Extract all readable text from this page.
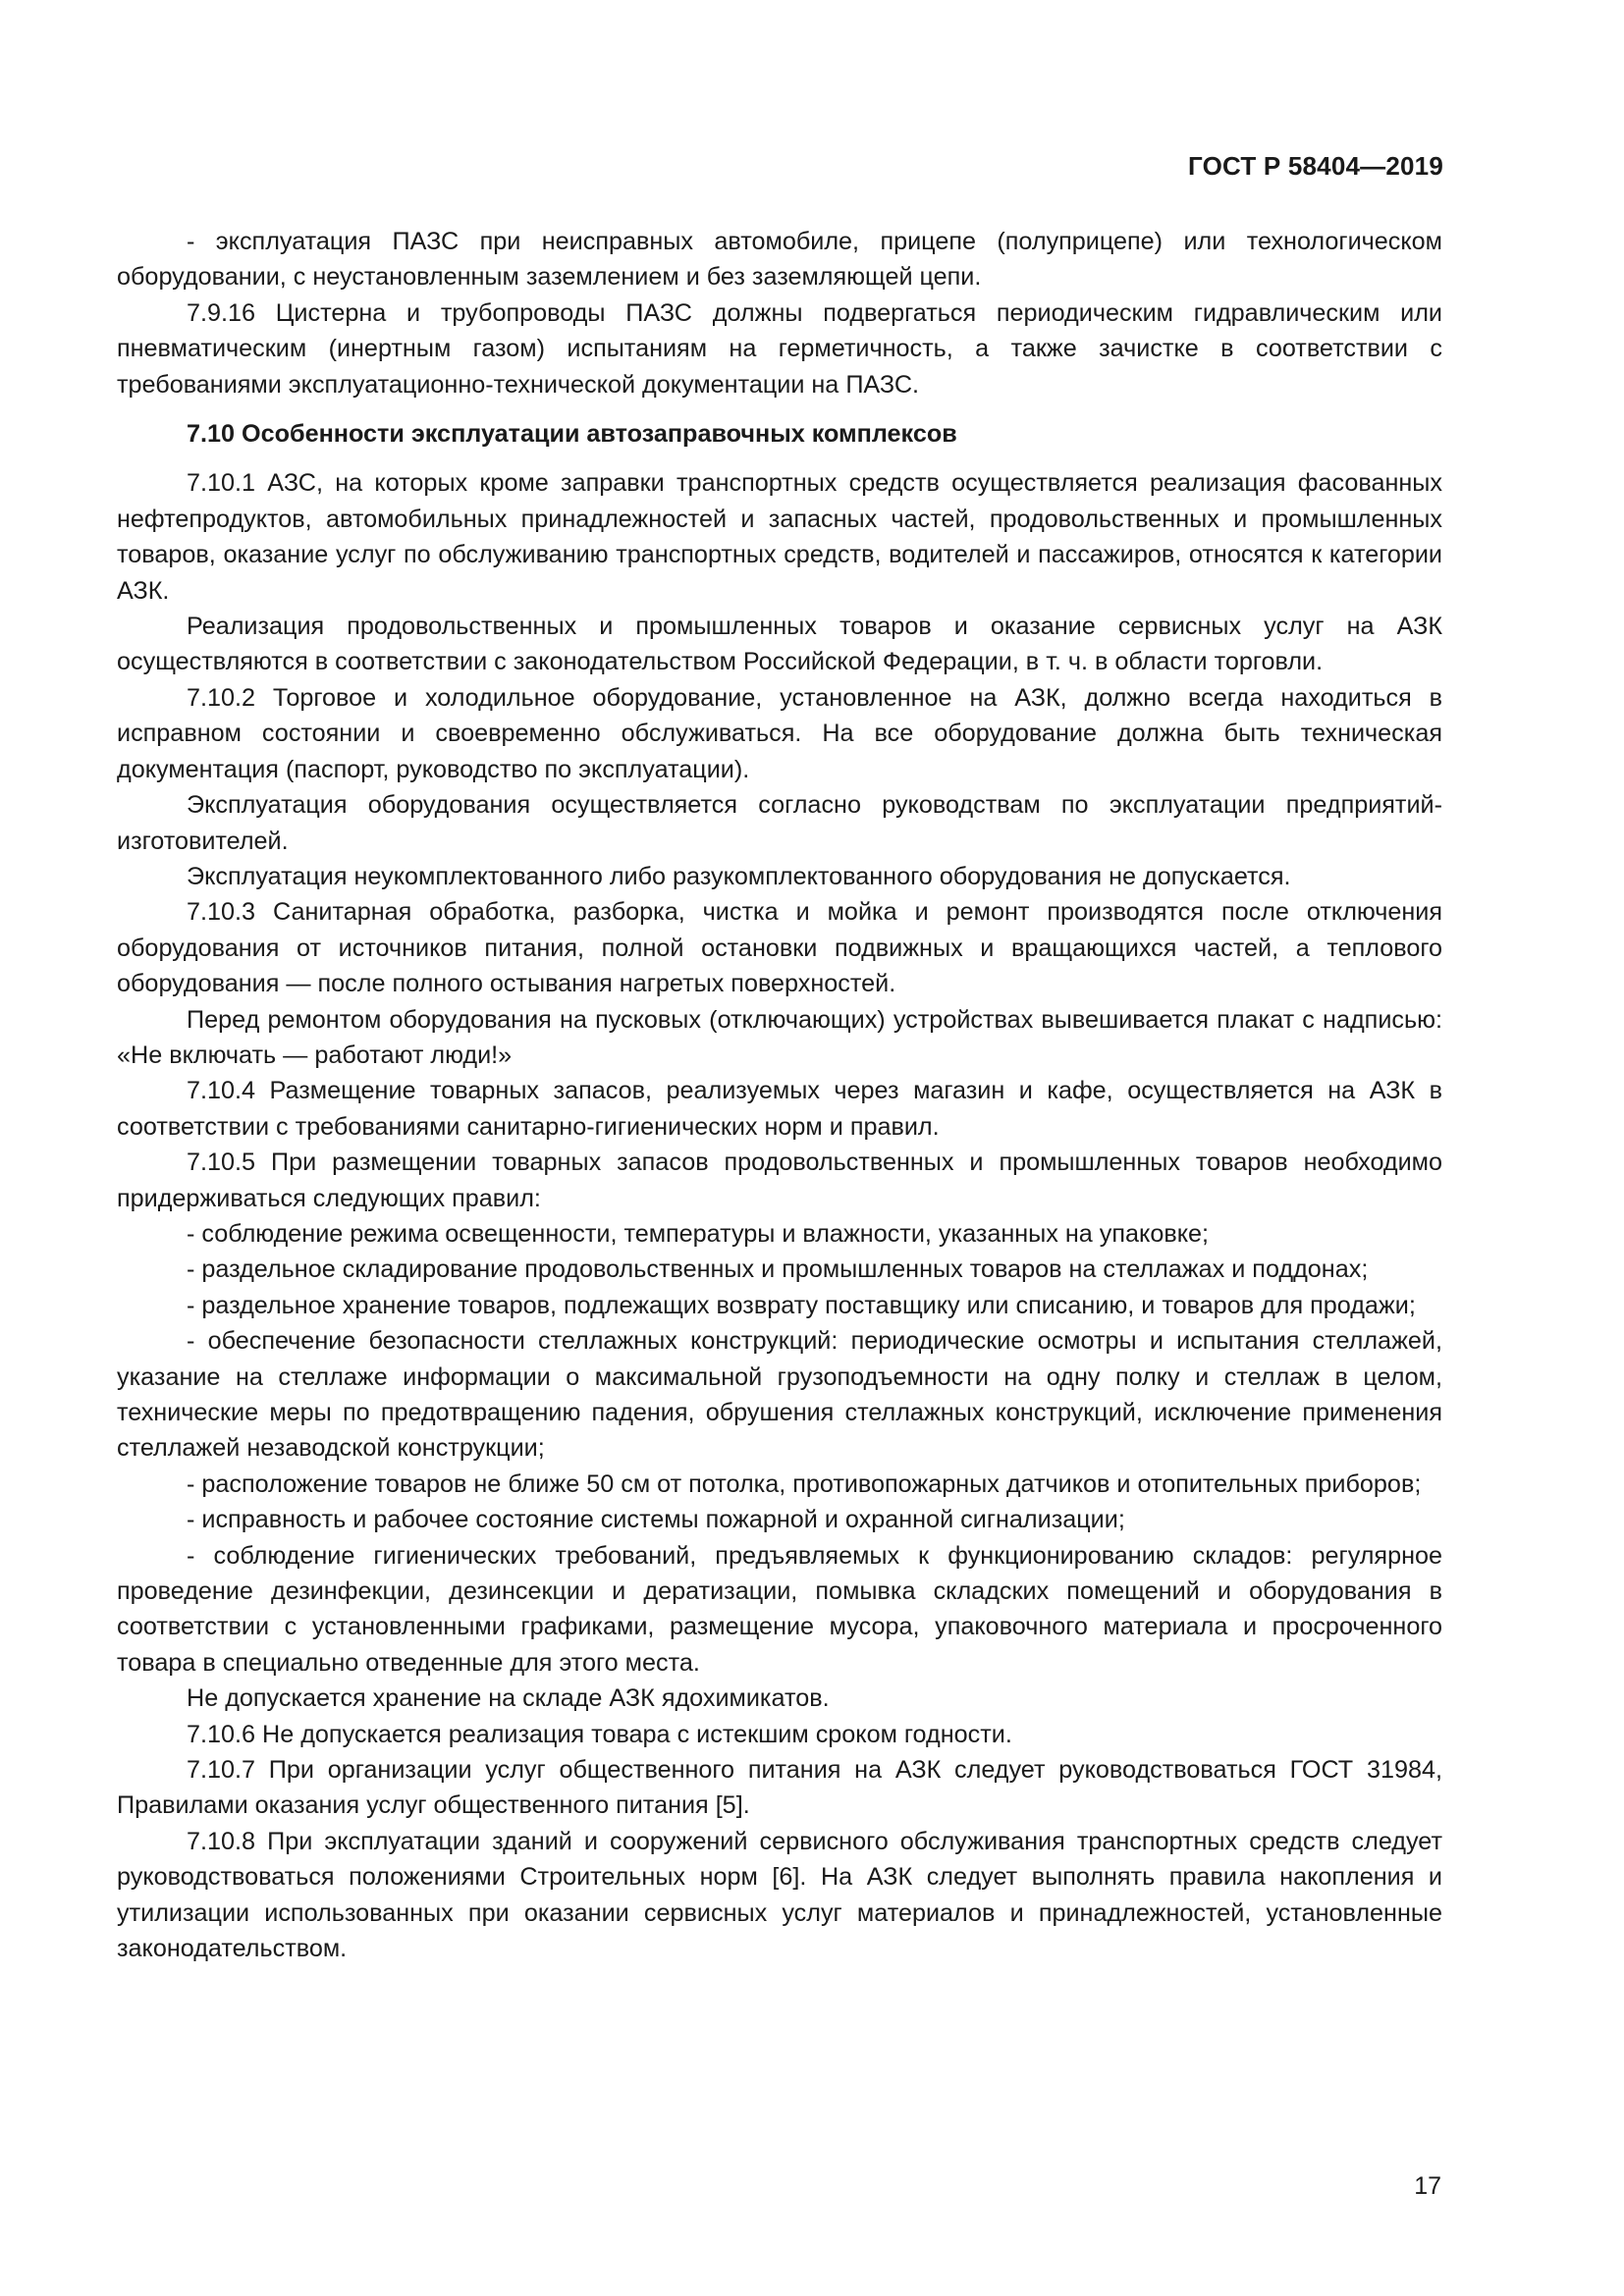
ГОСТ Р 58404—2019

- эксплуатация ПАЗС при неисправных автомобиле, прицепе (полуприцепе) или технологическом оборудовании, с неустановленным заземлением и без заземляющей цепи.

7.9.16 Цистерна и трубопроводы ПАЗС должны подвергаться периодическим гидравлическим или пневматическим (инертным газом) испытаниям на герметичность, а также зачистке в соответствии с требованиями эксплуатационно-технической документации на ПАЗС.

7.10 Особенности эксплуатации автозаправочных комплексов

7.10.1 АЗС, на которых кроме заправки транспортных средств осуществляется реализация фасованных нефтепродуктов, автомобильных принадлежностей и запасных частей, продовольственных и промышленных товаров, оказание услуг по обслуживанию транспортных средств, водителей и пассажиров, относятся к категории АЗК.

Реализация продовольственных и промышленных товаров и оказание сервисных услуг на АЗК осуществляются в соответствии с законодательством Российской Федерации, в т. ч. в области торговли.

7.10.2 Торговое и холодильное оборудование, установленное на АЗК, должно всегда находиться в исправном состоянии и своевременно обслуживаться. На все оборудование должна быть техническая документация (паспорт, руководство по эксплуатации).

Эксплуатация оборудования осуществляется согласно руководствам по эксплуатации предприятий-изготовителей.

Эксплуатация неукомплектованного либо разукомплектованного оборудования не допускается.

7.10.3 Санитарная обработка, разборка, чистка и мойка и ремонт производятся после отключения оборудования от источников питания, полной остановки подвижных и вращающихся частей, а теплового оборудования — после полного остывания нагретых поверхностей.

Перед ремонтом оборудования на пусковых (отключающих) устройствах вывешивается плакат с надписью: «Не включать — работают люди!»

7.10.4 Размещение товарных запасов, реализуемых через магазин и кафе, осуществляется на АЗК в соответствии с требованиями санитарно-гигиенических норм и правил.

7.10.5 При размещении товарных запасов продовольственных и промышленных товаров необходимо придерживаться следующих правил:

- соблюдение режима освещенности, температуры и влажности, указанных на упаковке;

- раздельное складирование продовольственных и промышленных товаров на стеллажах и поддонах;

- раздельное хранение товаров, подлежащих возврату поставщику или списанию, и товаров для продажи;

- обеспечение безопасности стеллажных конструкций: периодические осмотры и испытания стеллажей, указание на стеллаже информации о максимальной грузоподъемности на одну полку и стеллаж в целом, технические меры по предотвращению падения, обрушения стеллажных конструкций, исключение применения стеллажей незаводской конструкции;

- расположение товаров не ближе 50 см от потолка, противопожарных датчиков и отопительных приборов;

- исправность и рабочее состояние системы пожарной и охранной сигнализации;

- соблюдение гигиенических требований, предъявляемых к функционированию складов: регулярное проведение дезинфекции, дезинсекции и дератизации, помывка складских помещений и оборудования в соответствии с установленными графиками, размещение мусора, упаковочного материала и просроченного товара в специально отведенные для этого места.

Не допускается хранение на складе АЗК ядохимикатов.

7.10.6 Не допускается реализация товара с истекшим сроком годности.

7.10.7 При организации услуг общественного питания на АЗК следует руководствоваться ГОСТ 31984, Правилами оказания услуг общественного питания [5].

7.10.8 При эксплуатации зданий и сооружений сервисного обслуживания транспортных средств следует руководствоваться положениями Строительных норм [6]. На АЗК следует выполнять правила накопления и утилизации использованных при оказании сервисных услуг материалов и принадлежностей, установленные законодательством.

17
